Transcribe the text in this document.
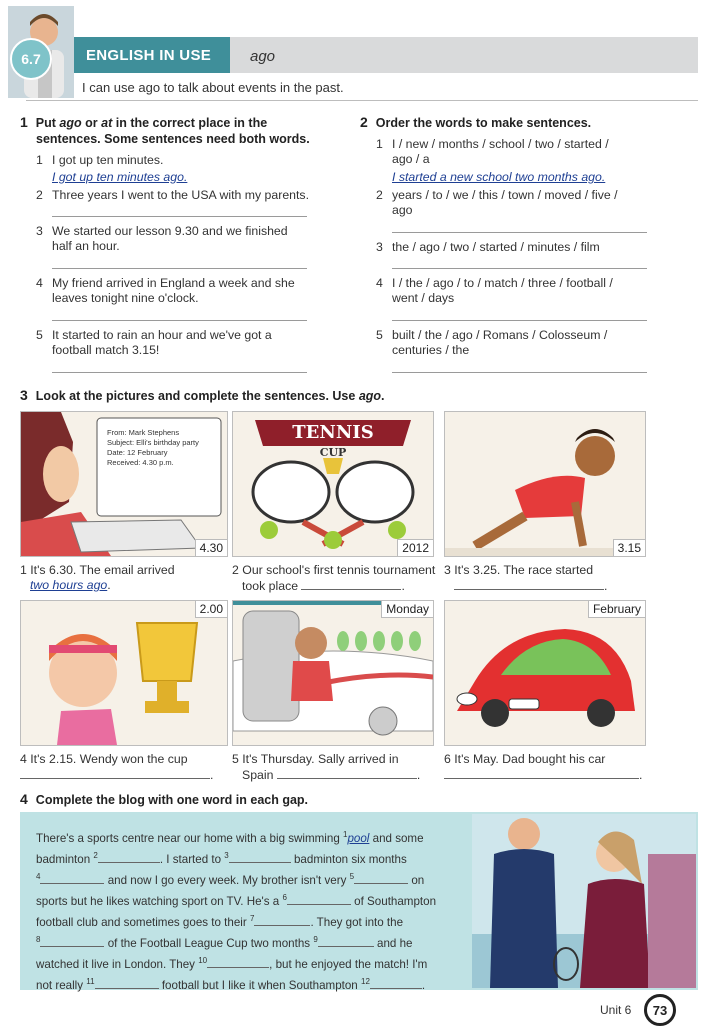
6.7	ENGLISH IN USE	ago
I can use ago to talk about events in the past.
1 Put ago or at in the correct place in the
sentences. Some sentences need both words.
1 I got up ten minutes.
I got up ten minutes ago.
2 Three years I went to the USA with my parents.
3 We started our lesson 9.30 and we finished
half an hour.
4 My friend arrived in England a week and she
leaves tonight nine o'clock.
5 It started to rain an hour and we've got a
football match 3.15!
2 Order the words to make sentences.
1 I / new / months / school / two / started /
ago / a
I started a new school two months ago.
2 years / to / we / this / town / moved / five /
ago
3 the / ago / two / started / minutes / film
4 I / the / ago / to / match / three / football /
went / days
5 built / the / ago / Romans / Colosseum /
centuries / the
3 Look at the pictures and complete the sentences. Use ago.
From: Mark Stephens
Subject: Elli's birthday party
Date: 12 February
Received: 4.30 p.m.
4.30
TENNIS
CUP
2012	3.15
1 It's 6.30. The email arrived
two hours ago.
2 Our school's first tennis tournament
took place	.
3 It's 3.25. The race started
.
2.00	Monday	February
4 It's 2.15. Wendy won the cup
.
5 It's Thursday. Sally arrived in
Spain	.
6 It's May. Dad bought his car
.
4 Complete the blog with one word in each gap.
There's a sports centre near our home with a big swimming $^1$pool and some
badminton $^2$	. I started to $^3$	badminton six months
$^4$	and now I go every week. My brother isn't very $^5$	on
sports but he likes watching sport on TV. He's a $^6$	of Southampton
football club and sometimes goes to their $^7$	. They got into the
$^8$	of the Football League Cup two months $^9$	and he
watched it live in London. They $^{10}$	, but he enjoyed the match! I'm
not really $^{11}$	football but I like it when Southampton $^{12}$	.
Unit 6	73
